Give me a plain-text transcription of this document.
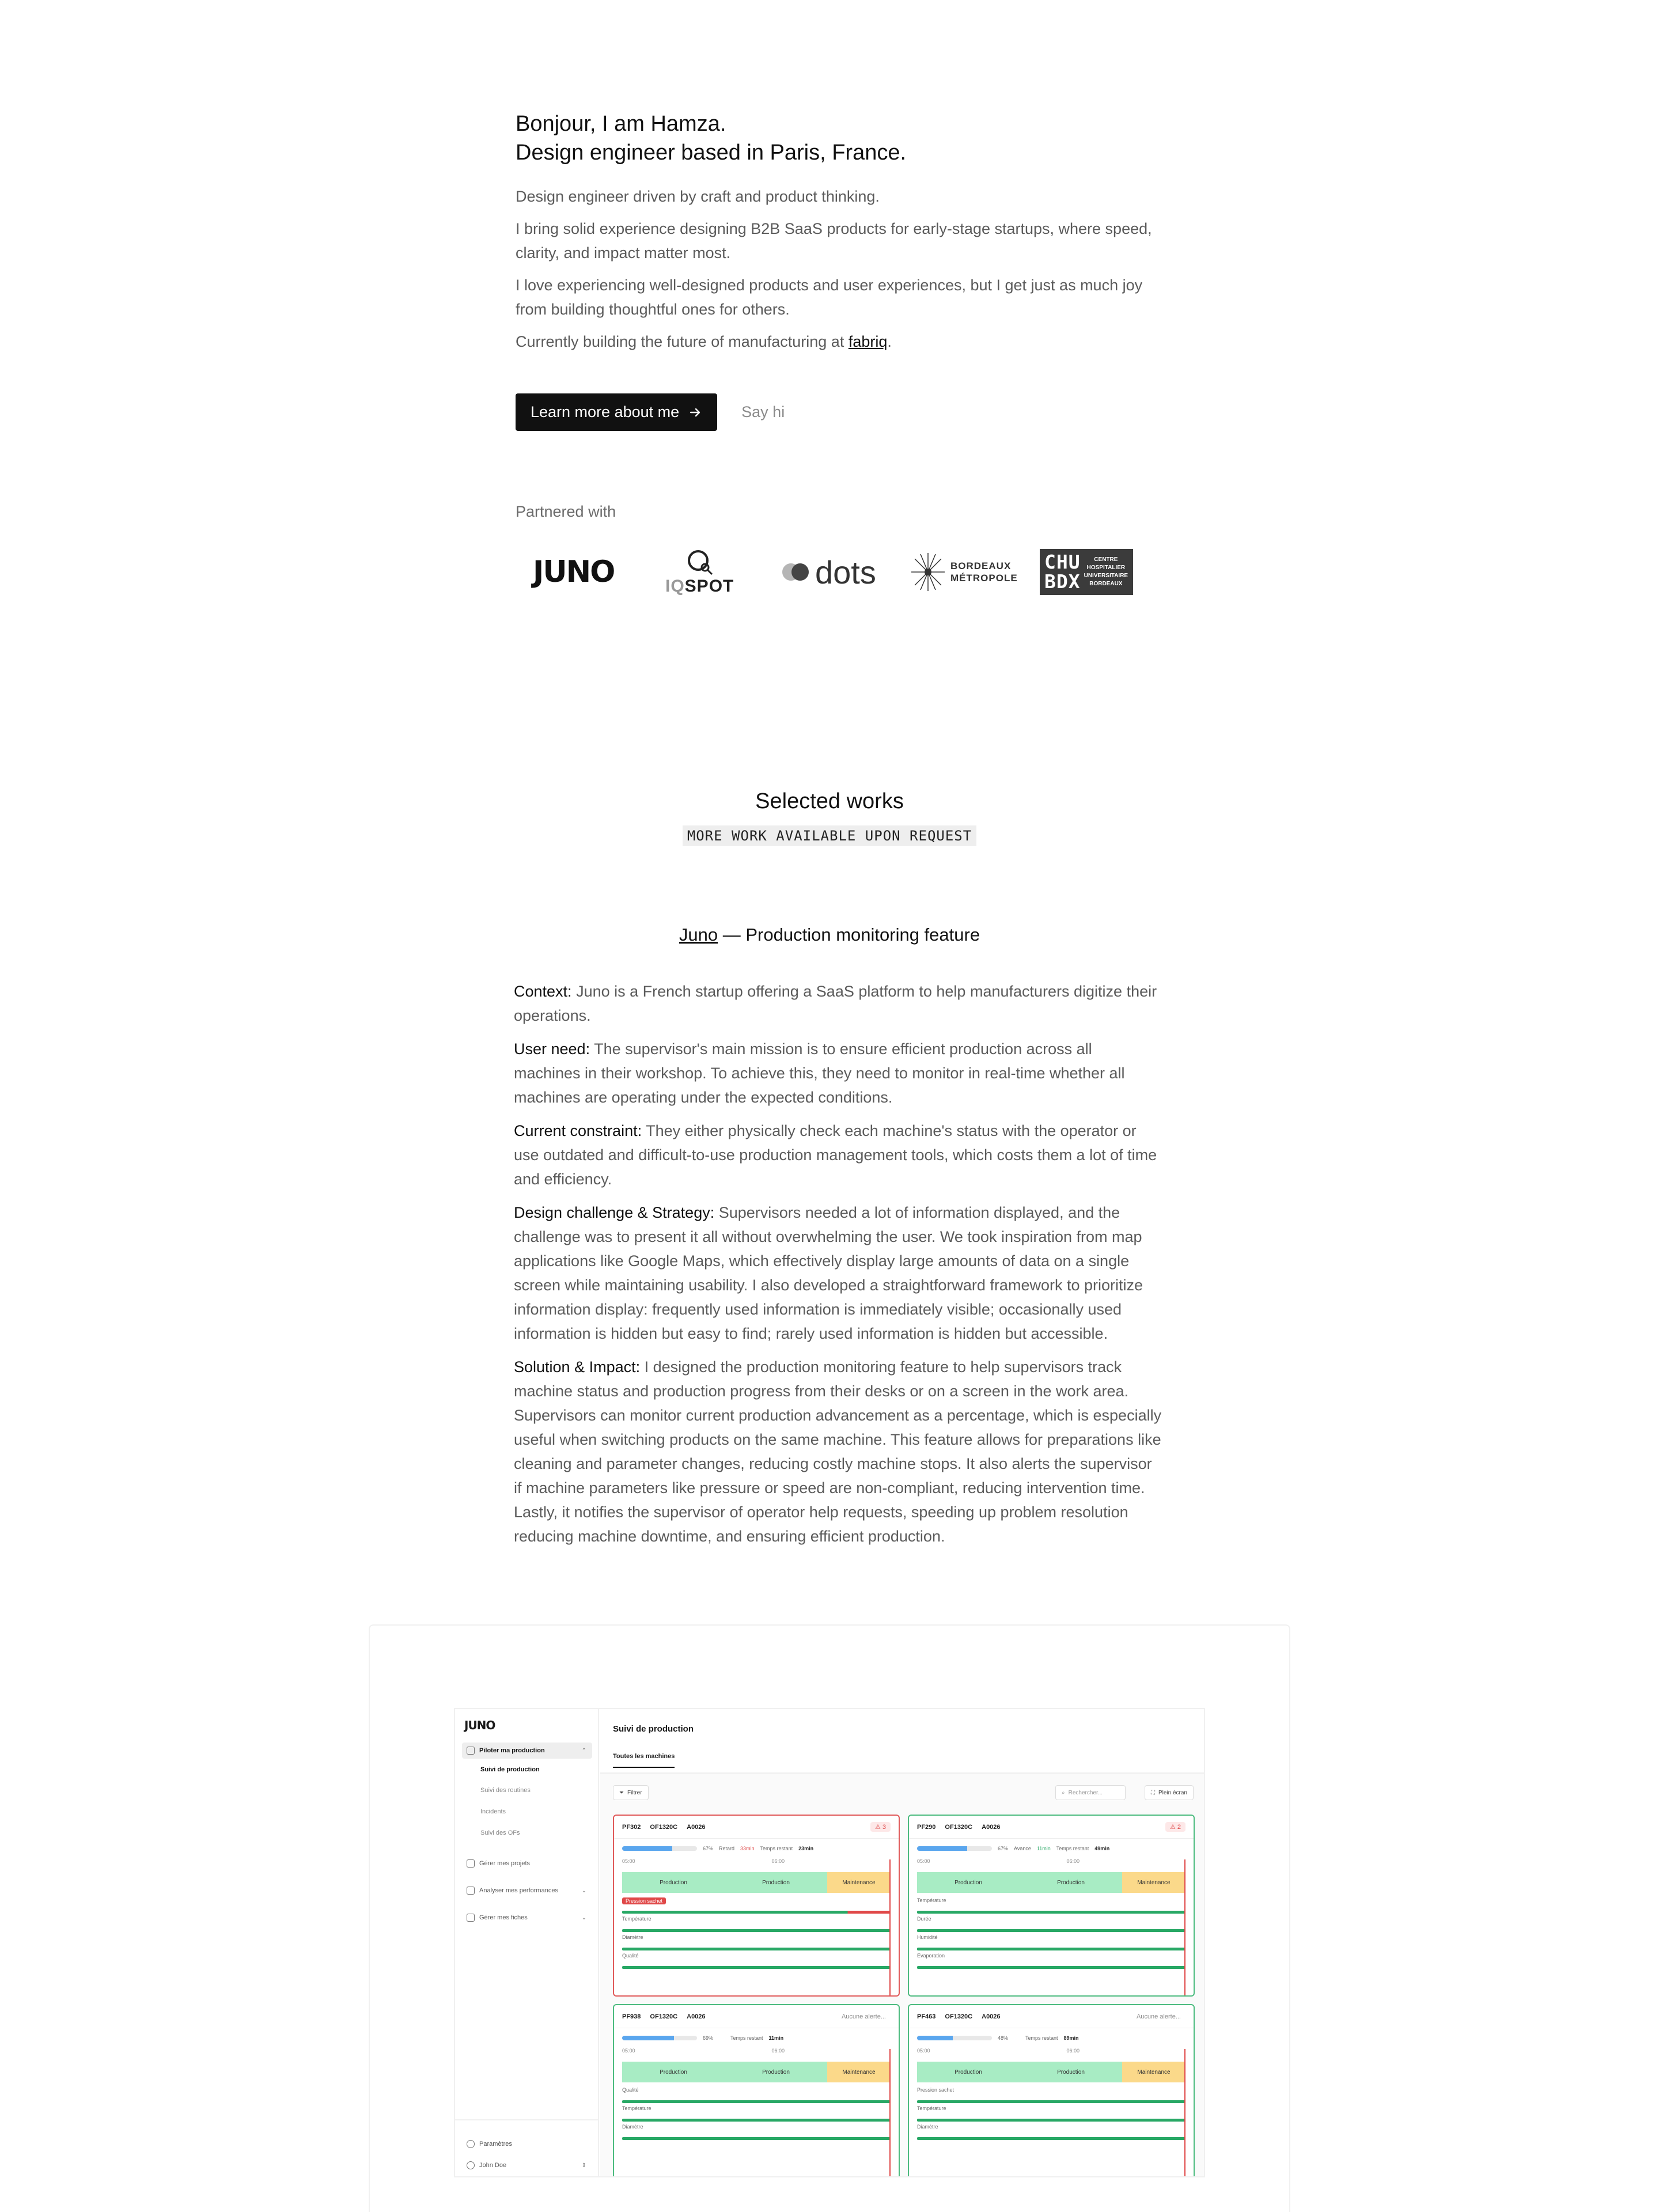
Bonjour, I am Hamza.
Design engineer based in Paris, France.

Design engineer driven by craft and product thinking.

I bring solid experience designing B2B SaaS products for early-stage startups, where speed, clarity, and impact matter most.

I love experiencing well-designed products and user experiences, but I get just as much joy from building thoughtful ones for others.

Currently building the future of manufacturing at fabriq.

Learn more about me	Say hi
Partnered with
JUNO	IQSPOT	dots	BORDEAUX
MÉTROPOLE
CHU
BDX
CENTRE
HOSPITALIER
UNIVERSITAIRE
BORDEAUX
Selected works
MORE WORK AVAILABLE UPON REQUEST
Juno — Production monitoring feature

Context: Juno is a French startup offering a SaaS platform to help manufacturers digitize their operations.

User need: The supervisor's main mission is to ensure efficient production across all machines in their workshop. To achieve this, they need to monitor in real-time whether all machines are operating under the expected conditions.

Current constraint: They either physically check each machine's status with the operator or use outdated and difficult-to-use production management tools, which costs them a lot of time and efficiency.

Design challenge & Strategy: Supervisors needed a lot of information displayed, and the challenge was to present it all without overwhelming the user. We took inspiration from map applications like Google Maps, which effectively display large amounts of data on a single screen while maintaining usability. I also developed a straightforward framework to prioritize information display: frequently used information is immediately visible; occasionally used information is hidden but easy to find; rarely used information is hidden but accessible.

Solution & Impact: I designed the production monitoring feature to help supervisors track machine status and production progress from their desks or on a screen in the work area. Supervisors can monitor current production advancement as a percentage, which is especially useful when switching products on the same machine. This feature allows for preparations like cleaning and parameter changes, reducing costly machine stops. It also alerts the supervisor if machine parameters like pressure or speed are non-compliant, reducing intervention time. Lastly, it notifies the supervisor of operator help requests, speeding up problem resolution reducing machine downtime, and ensuring efficient production.

JUNO
Piloter ma production	⌃
Suivi de production
Suivi des routines
Incidents
Suivi des OFs
Gérer mes projets
Analyser mes performances	⌄
Gérer mes fiches	⌄
Paramètres
John Doe	⇕
Suivi de production
Toutes les machines
⏷ Filtrer	⌕ Rechercher...	⛶ Plein écran
PF302 OF1320C A0026	⚠ 3
67% Retard 33min Temps restant 23min
05:00	06:00
Production	Production	Maintenance
Pression sachet
Température
Diamètre
Qualité
PF290 OF1320C A0026	⚠ 2
67% Avance 11min Temps restant 49min
05:00	06:00
Production	Production	Maintenance
Température
Durée
Humidité
Évaporation
PF938 OF1320C A0026	Aucune alerte...
69%	Temps restant 11min
05:00	06:00
Production	Production	Maintenance
Qualité
Température
Diamètre
PF463 OF1320C A0026	Aucune alerte...
48%	Temps restant 89min
05:00	06:00
Production	Production	Maintenance
Pression sachet
Température
Diamètre
